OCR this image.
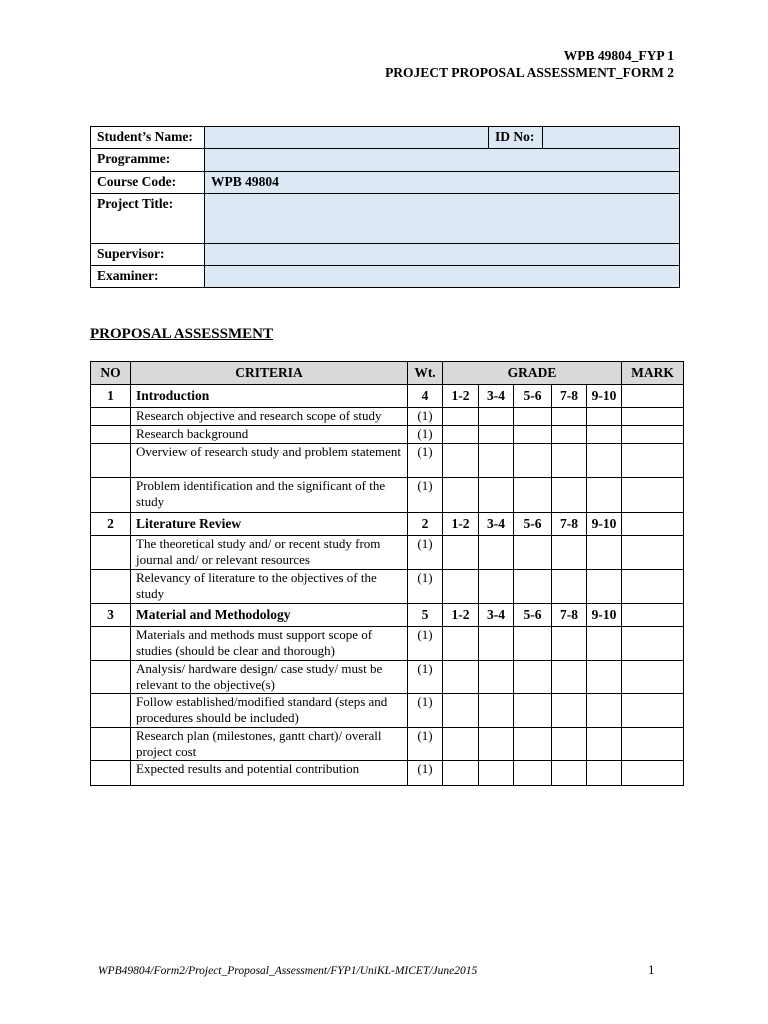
WPB 49804_FYP 1
PROJECT PROPOSAL ASSESSMENT_FORM 2
Student’s Name:		ID No:	
Programme:			
Course Code:	WPB 49804		
Project Title:			
Supervisor:			
Examiner:			
PROPOSAL ASSESSMENT
NO	CRITERIA	Wt.	GRADE					MARK
1	Introduction	4	1-2	3-4	5-6	7-8	9-10	
	Research objective and research scope of study	(1)						
	Research background	(1)						
	Overview of research study and problem statement	(1)						
	Problem identification and the significant of the study	(1)						
2	Literature Review	2	1-2	3-4	5-6	7-8	9-10	
	The theoretical study and/ or recent study from journal and/ or relevant resources	(1)						
	Relevancy of literature to the objectives of the study	(1)						
3	Material and Methodology	5	1-2	3-4	5-6	7-8	9-10	
	Materials and methods must support scope of studies (should be clear and thorough)	(1)						
	Analysis/ hardware design/ case study/ must be relevant to the objective(s)	(1)						
	Follow established/modified standard (steps and procedures should be included)	(1)						
	Research plan (milestones, gantt chart)/ overall project cost	(1)						
	Expected results and potential contribution	(1)						
WPB49804/Form2/Project_Proposal_Assessment/FYP1/UniKL-MICET/June2015	1
